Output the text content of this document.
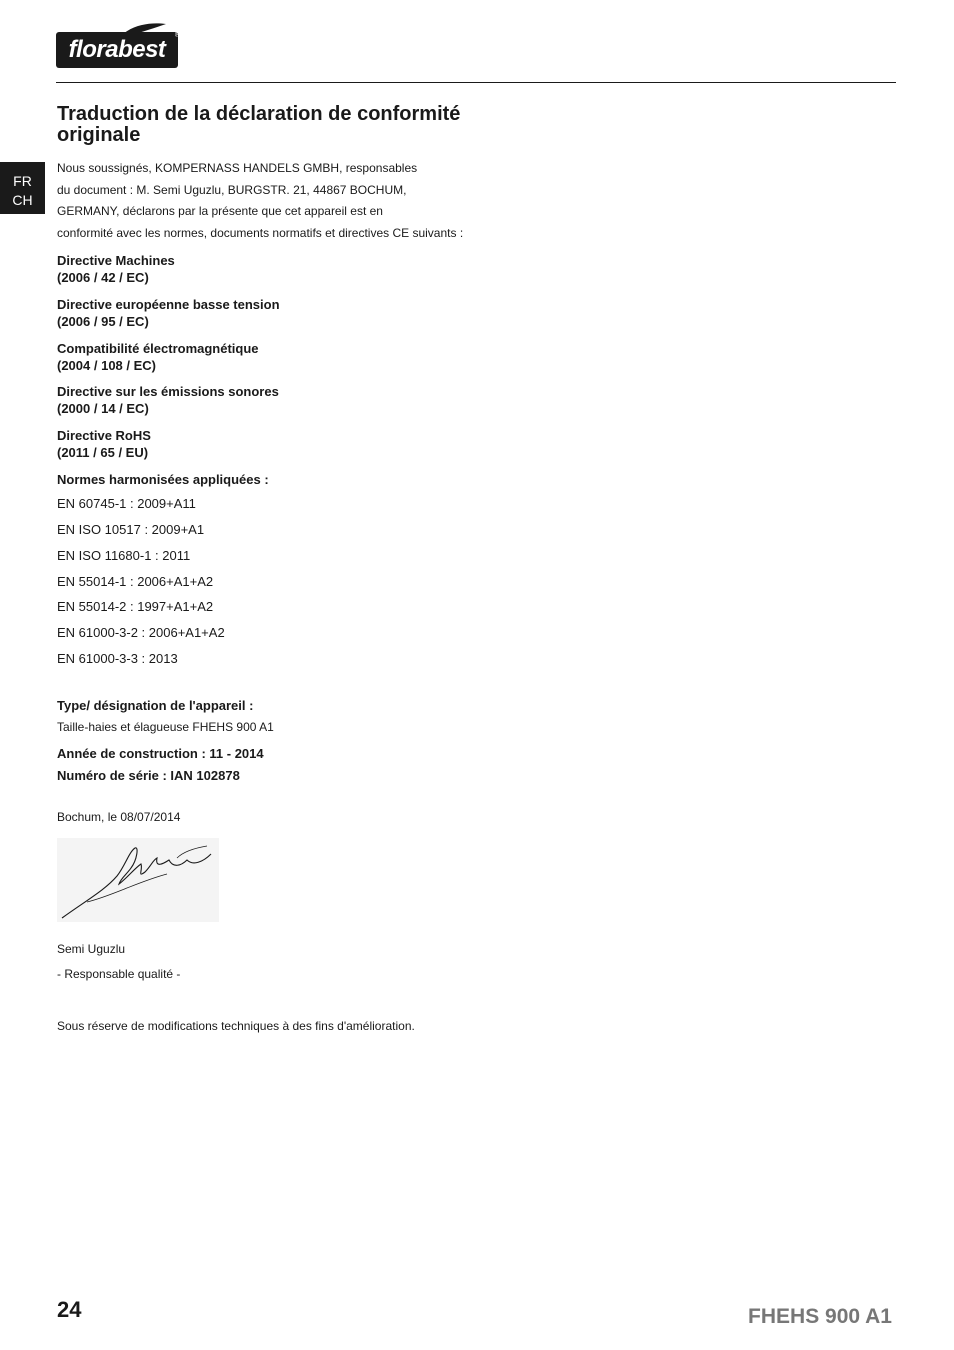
florabest
®
FR
CH
Traduction de la déclaration de conformité originale
Nous soussignés, KOMPERNASS HANDELS GMBH, responsables
du document : M. Semi Uguzlu, BURGSTR. 21, 44867 BOCHUM,
GERMANY, déclarons par la présente que cet appareil est en
conformité avec les normes, documents normatifs et directives CE suivants :
Directive Machines
(2006 / 42 / EC)
Directive européenne basse tension
(2006 / 95 / EC)
Compatibilité électromagnétique
(2004 / 108 / EC)
Directive sur les émissions sonores
(2000 / 14 / EC)
Directive RoHS
(2011 / 65 / EU)
Normes harmonisées appliquées :
EN 60745-1 : 2009+A11
EN ISO 10517 : 2009+A1
EN ISO 11680-1 : 2011
EN 55014-1 : 2006+A1+A2
EN 55014-2 : 1997+A1+A2
EN 61000-3-2 : 2006+A1+A2
EN 61000-3-3 : 2013
Type/ désignation de l'appareil :
Taille-haies et élagueuse FHEHS 900 A1
Année de construction : 11 - 2014
Numéro de série : IAN 102878
Bochum, le 08/07/2014
Semi Uguzlu
- Responsable qualité -
Sous réserve de modifications techniques à des fins d'amélioration.
24	FHEHS 900 A1
